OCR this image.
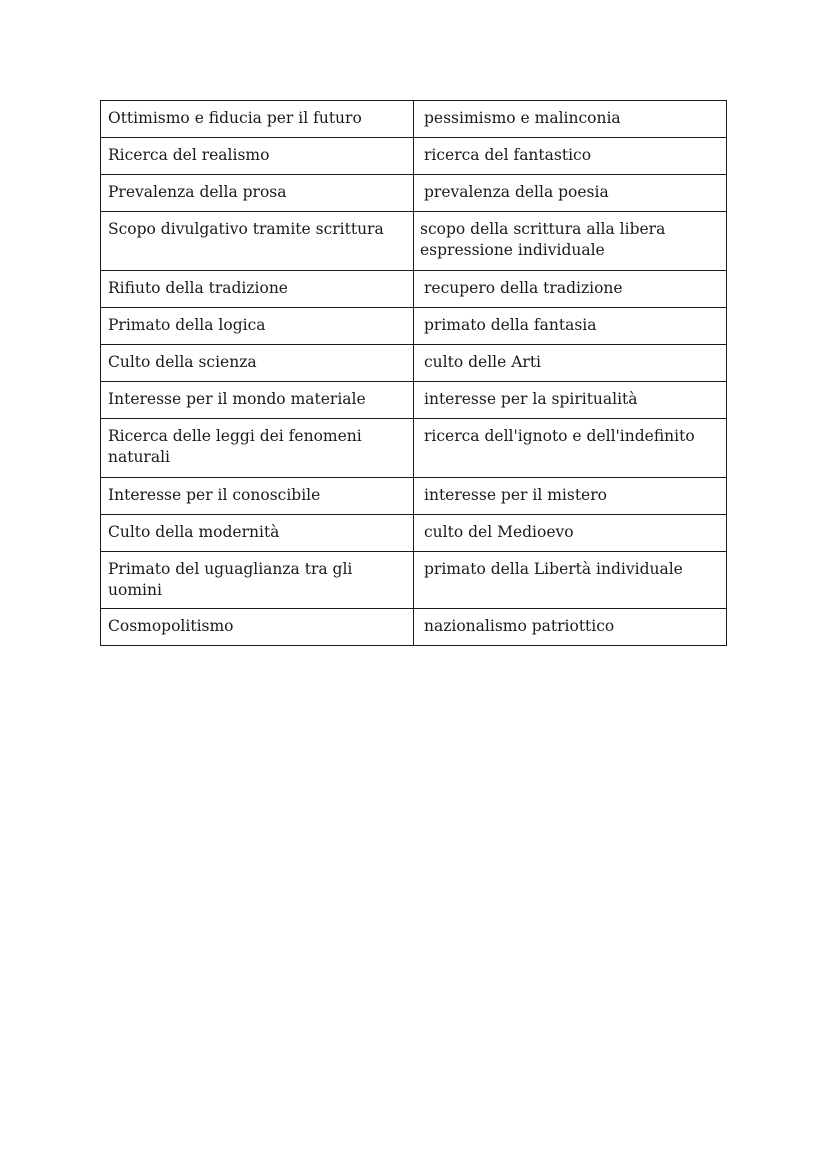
Ottimismo e fiducia per il futuro	pessimismo e malinconia
Ricerca del realismo	ricerca del fantastico
Prevalenza della prosa	prevalenza della poesia
Scopo divulgativo tramite scrittura	scopo della scrittura alla libera espressione individuale
Rifiuto della tradizione	recupero della tradizione
Primato della logica	primato della fantasia
Culto della scienza	culto delle Arti
Interesse per il mondo materiale	interesse per la spiritualità
Ricerca delle leggi dei fenomeni naturali	ricerca dell'ignoto e dell'indefinito
Interesse per il conoscibile	interesse per il mistero
Culto della modernità	culto del Medioevo
Primato del uguaglianza tra gli uomini	primato della Libertà individuale
Cosmopolitismo	nazionalismo patriottico
